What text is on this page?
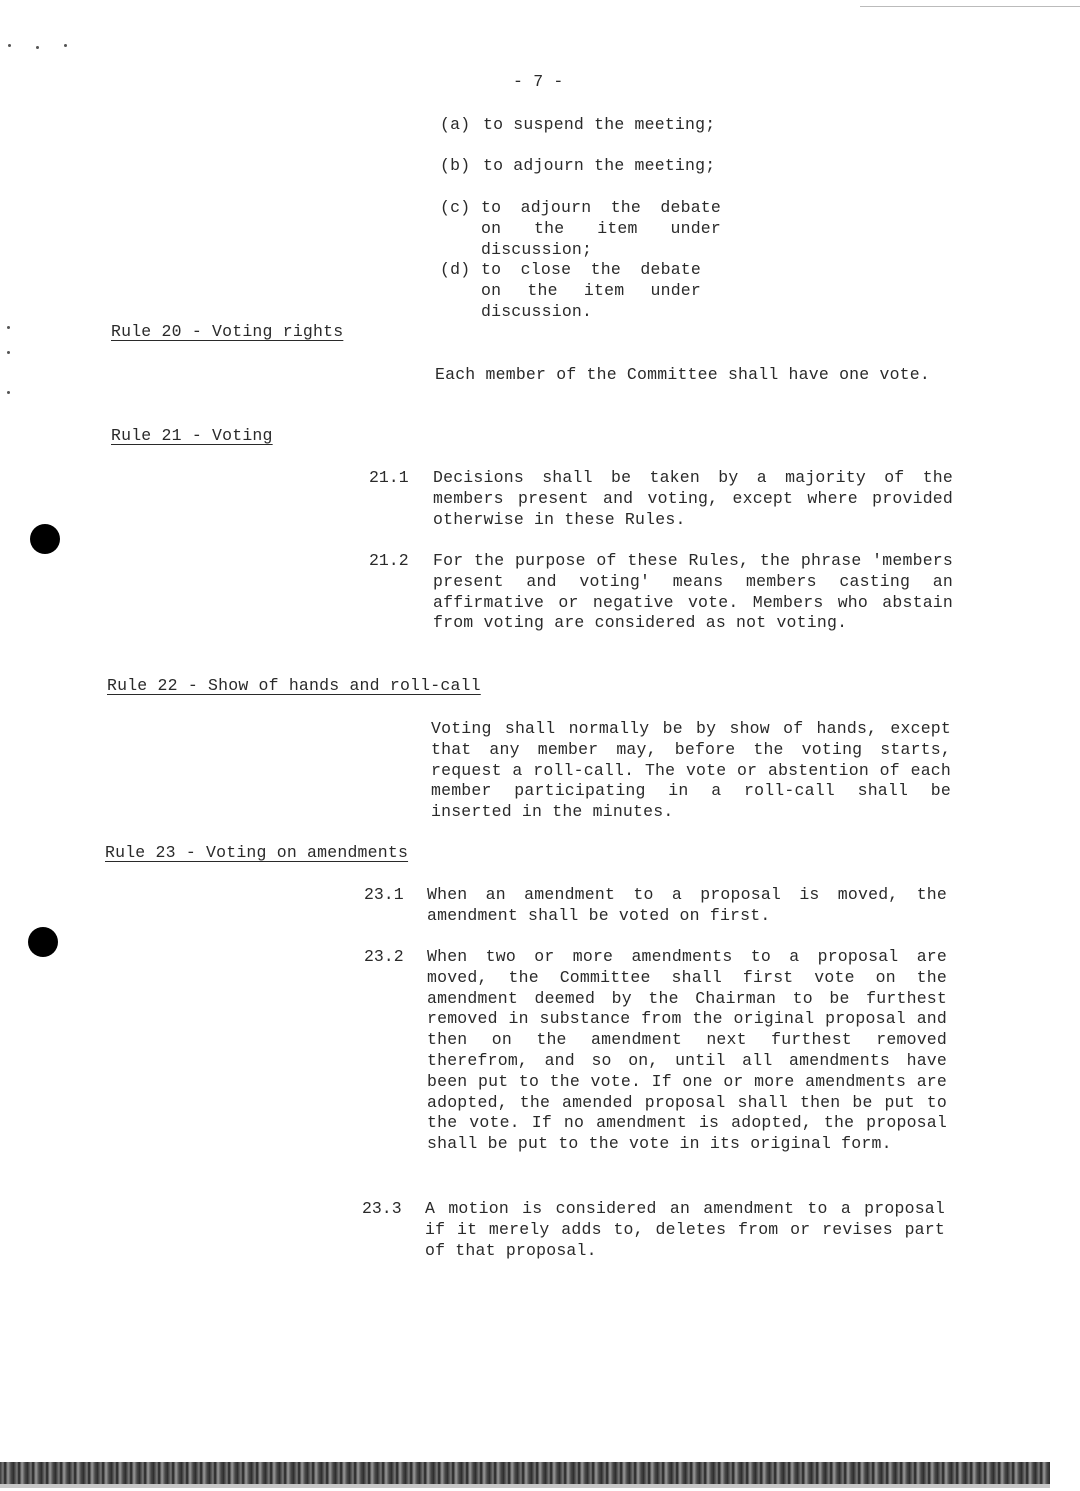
- 7 -
(a) to suspend the meeting;
(b) to adjourn the meeting;
(c) to adjourn the debate on the item under discussion;
(d) to close the debate on the item under discussion.
Rule 20 - Voting rights
Each member of the Committee shall have one vote.
Rule 21 - Voting
21.1 Decisions shall be taken by a majority of the members present and voting, except where provided otherwise in these Rules.
21.2 For the purpose of these Rules, the phrase 'members present and voting' means members casting an affirmative or negative vote. Members who abstain from voting are considered as not voting.
Rule 22 - Show of hands and roll-call
Voting shall normally be by show of hands, except that any member may, before the voting starts, request a roll-call. The vote or abstention of each member participating in a roll-call shall be inserted in the minutes.
Rule 23 - Voting on amendments
23.1 When an amendment to a proposal is moved, the amendment shall be voted on first.
23.2 When two or more amendments to a proposal are moved, the Committee shall first vote on the amendment deemed by the Chairman to be furthest removed in substance from the original proposal and then on the amendment next furthest removed therefrom, and so on, until all amendments have been put to the vote. If one or more amendments are adopted, the amended proposal shall then be put to the vote. If no amendment is adopted, the proposal shall be put to the vote in its original form.
23.3 A motion is considered an amendment to a proposal if it merely adds to, deletes from or revises part of that proposal.
